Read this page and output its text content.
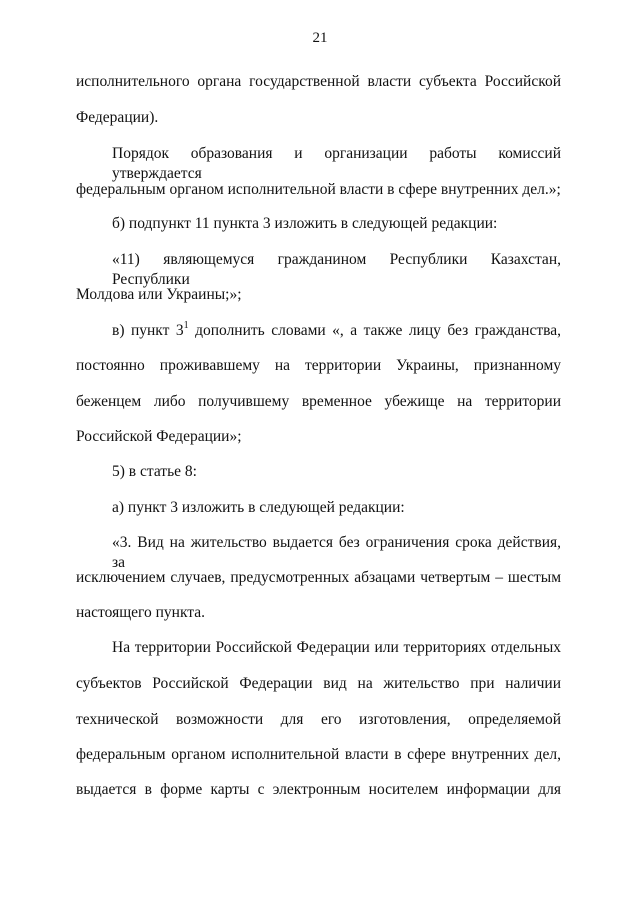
21
исполнительного органа государственной власти субъекта Российской
Федерации).
Порядок образования и организации работы комиссий утверждается
федеральным органом исполнительной власти в сфере внутренних дел.»;
б) подпункт 11 пункта 3 изложить в следующей редакции:
«11) являющемуся гражданином Республики Казахстан, Республики
Молдова или Украины;»;
в) пункт $3^1$ дополнить словами «, а также лицу без гражданства,
постоянно проживавшему на территории Украины, признанному
беженцем либо получившему временное убежище на территории
Российской Федерации»;
5) в статье 8:
а) пункт 3 изложить в следующей редакции:
«3. Вид на жительство выдается без ограничения срока действия, за
исключением случаев, предусмотренных абзацами четвертым – шестым
настоящего пункта.
На территории Российской Федерации или территориях отдельных
субъектов Российской Федерации вид на жительство при наличии
технической возможности для его изготовления, определяемой
федеральным органом исполнительной власти в сфере внутренних дел,
выдается в форме карты с электронным носителем информации для
